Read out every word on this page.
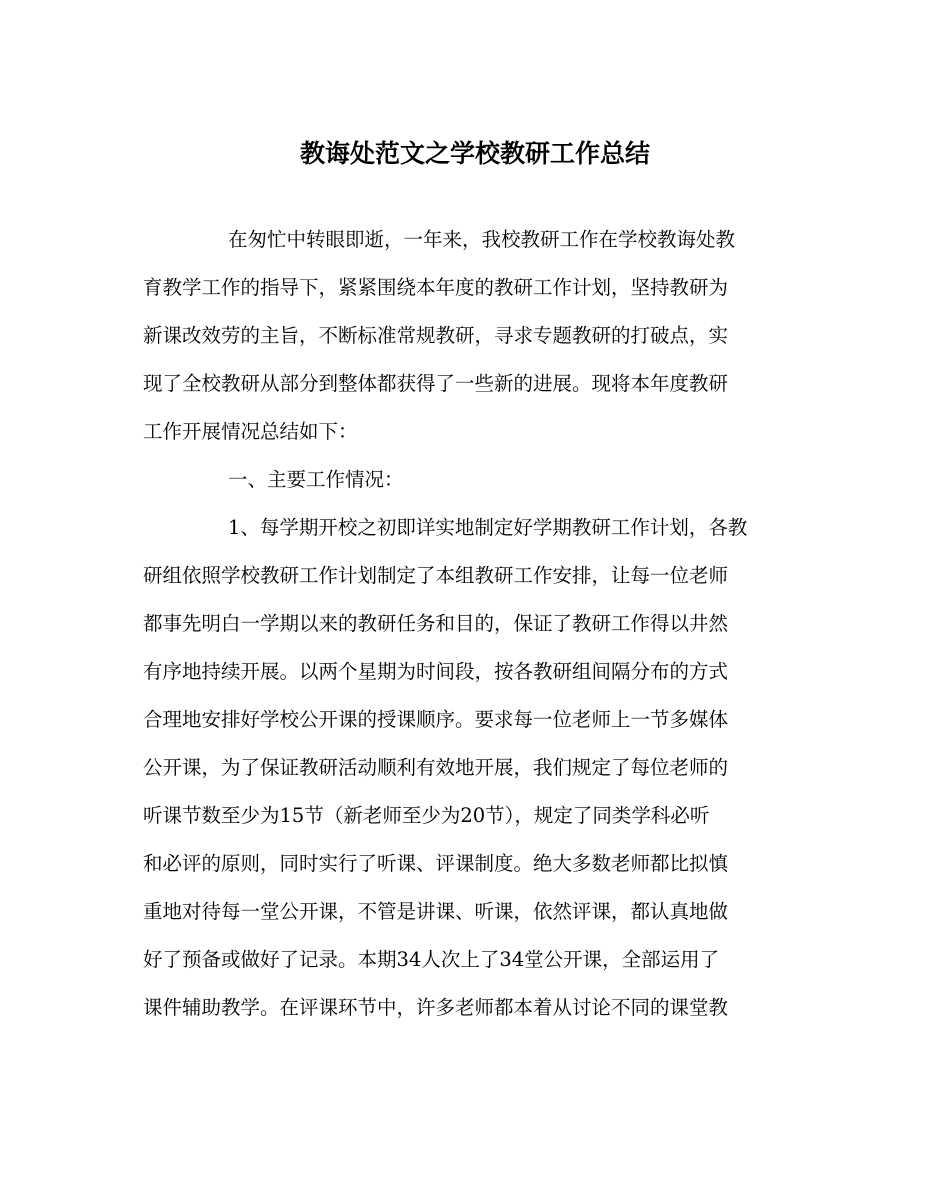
教诲处范文之学校教研工作总结

在匆忙中转眼即逝，一年来，我校教研工作在学校教诲处教

育教学工作的指导下，紧紧围绕本年度的教研工作计划，坚持教研为

新课改效劳的主旨，不断标准常规教研，寻求专题教研的打破点，实

现了全校教研从部分到整体都获得了一些新的进展。现将本年度教研

工作开展情况总结如下：

一、主要工作情况：

1、每学期开校之初即详实地制定好学期教研工作计划，各教

研组依照学校教研工作计划制定了本组教研工作安排，让每一位老师

都事先明白一学期以来的教研任务和目的，保证了教研工作得以井然

有序地持续开展。以两个星期为时间段，按各教研组间隔分布的方式

合理地安排好学校公开课的授课顺序。要求每一位老师上一节多媒体

公开课，为了保证教研活动顺利有效地开展，我们规定了每位老师的

听课节数至少为15节（新老师至少为20节），规定了同类学科必听

和必评的原则，同时实行了听课、评课制度。绝大多数老师都比拟慎

重地对待每一堂公开课，不管是讲课、听课，依然评课，都认真地做

好了预备或做好了记录。本期34人次上了34堂公开课，全部运用了

课件辅助教学。在评课环节中，许多老师都本着从讨论不同的课堂教
